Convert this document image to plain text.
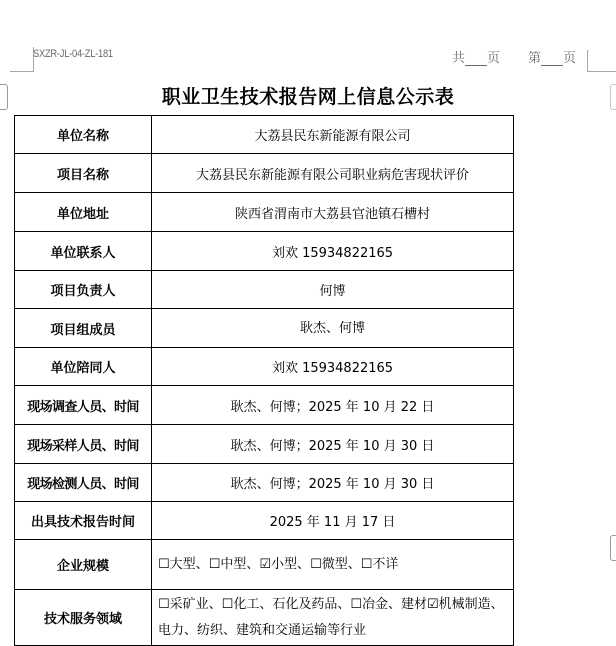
SXZR-JL-04-ZL-181	共 页 第 页
职业卫生技术报告网上信息公示表
单位名称	大荔县民东新能源有限公司
项目名称	大荔县民东新能源有限公司职业病危害现状评价
单位地址	陕西省渭南市大荔县官池镇石槽村
单位联系人	刘欢 15934822165
项目负责人	何博
项目组成员	耿杰、何博
单位陪同人	刘欢 15934822165
现场调查人员、时间	耿杰、何博；2025 年 10 月 22 日
现场采样人员、时间	耿杰、何博；2025 年 10 月 30 日
现场检测人员、时间	耿杰、何博；2025 年 10 月 30 日
出具技术报告时间	2025 年 11 月 17 日
企业规模	☐大型、☐中型、☑小型、☐微型、☐不详
技术服务领域	☐采矿业、☐化工、石化及药品、☐冶金、建材☑机械制造、电力、纺织、建筑和交通运输等行业
